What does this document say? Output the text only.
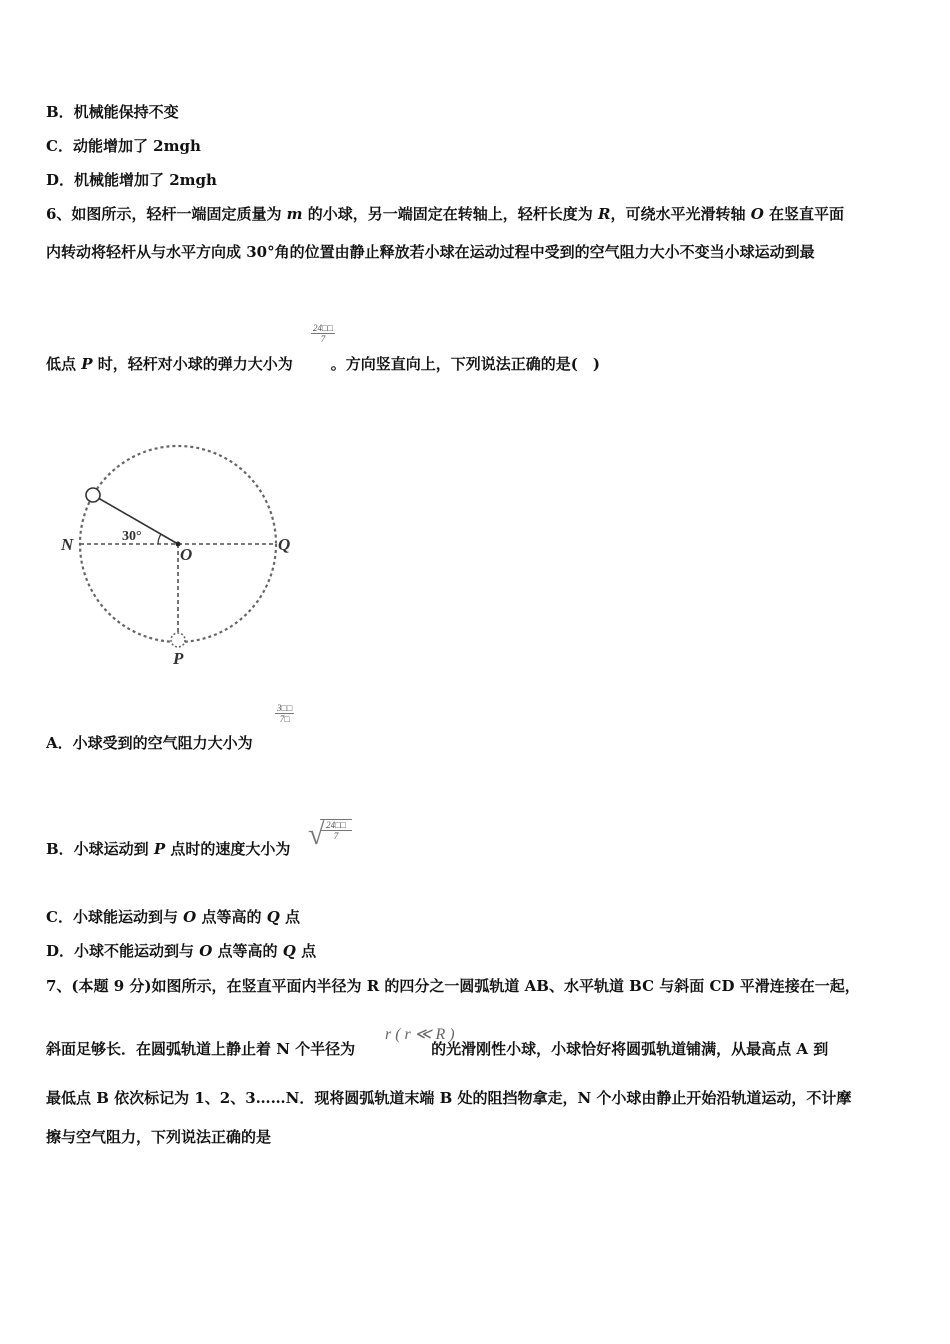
B．机械能保持不变
C．动能增加了 2mgh
D．机械能增加了 2mgh
6、如图所示，轻杆一端固定质量为 m 的小球，另一端固定在转轴上，轻杆长度为 R，可绕水平光滑转轴 O 在竖直平面
内转动将轻杆从与水平方向成 30°角的位置由静止释放若小球在运动过程中受到的空气阻力大小不变当小球运动到最
$\frac{24□□}{7}$
低点 P 时，轻杆对小球的弹力大小为	。方向竖直向上，下列说法正确的是(　)
N
O
Q
P
30°
$\frac{3□□}{7□}$
A．小球受到的空气阻力大小为
B．小球运动到 P 点时的速度大小为 √ 24□□
7
C．小球能运动到与 O 点等高的 Q 点
D．小球不能运动到与 O 点等高的 Q 点
7、(本题 9 分)如图所示，在竖直平面内半径为 R 的四分之一圆弧轨道 AB、水平轨道 BC 与斜面 CD 平滑连接在一起，
斜面足够长．在圆弧轨道上静止着 N 个半径为	的光滑刚性小球，小球恰好将圆弧轨道铺满，从最高点 A 到
r ( r ≪ R )
最低点 B 依次标记为 1、2、3……N．现将圆弧轨道末端 B 处的阻挡物拿走，N 个小球由静止开始沿轨道运动，不计摩
擦与空气阻力，下列说法正确的是
